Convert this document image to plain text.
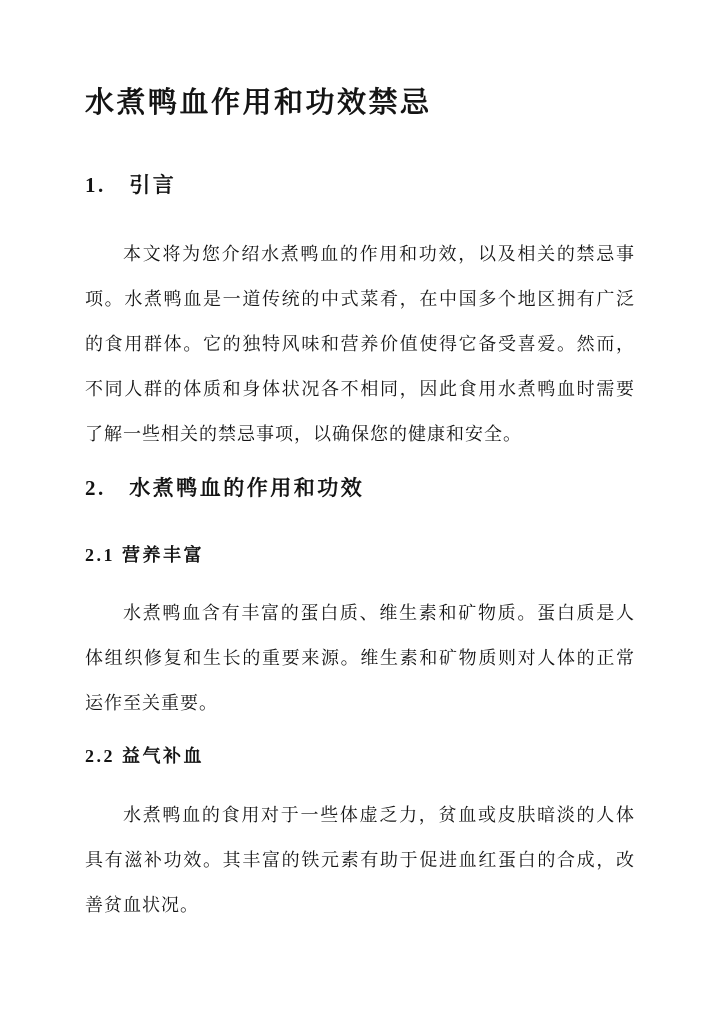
水煮鸭血作用和功效禁忌
1.　引言

本文将为您介绍水煮鸭血的作用和功效，以及相关的禁忌事项。水煮鸭血是一道传统的中式菜肴，在中国多个地区拥有广泛的食用群体。它的独特风味和营养价值使得它备受喜爱。然而，不同人群的体质和身体状况各不相同，因此食用水煮鸭血时需要了解一些相关的禁忌事项，以确保您的健康和安全。

2.　水煮鸭血的作用和功效
2.1 营养丰富

水煮鸭血含有丰富的蛋白质、维生素和矿物质。蛋白质是人体组织修复和生长的重要来源。维生素和矿物质则对人体的正常运作至关重要。

2.2 益气补血

水煮鸭血的食用对于一些体虚乏力，贫血或皮肤暗淡的人体具有滋补功效。其丰富的铁元素有助于促进血红蛋白的合成，改善贫血状况。
